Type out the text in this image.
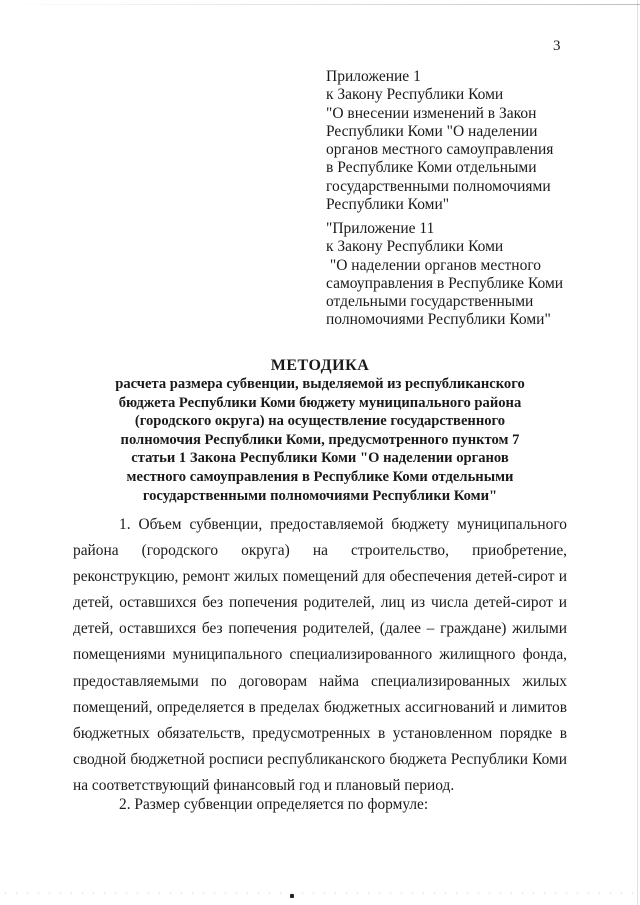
3
Приложение 1
к Закону Республики Коми
"О внесении изменений в Закон
Республики Коми "О наделении
органов местного самоуправления
в Республике Коми отдельными
государственными полномочиями
Республики Коми"
"Приложение 11
к Закону Республики Коми
"О наделении органов местного
самоуправления в Республике Коми
отдельными государственными
полномочиями Республики Коми"
МЕТОДИКА
расчета размера субвенции, выделяемой из республиканского
бюджета Республики Коми бюджету муниципального района
(городского округа) на осуществление государственного
полномочия Республики Коми, предусмотренного пунктом 7
статьи 1 Закона Республики Коми "О наделении органов
местного самоуправления в Республике Коми отдельными
государственными полномочиями Республики Коми"
1. Объем субвенции, предоставляемой бюджету муниципального
района (городского округа) на строительство, приобретение,
реконструкцию, ремонт жилых помещений для обеспечения детей-сирот и
детей, оставшихся без попечения родителей, лиц из числа детей-сирот и
детей, оставшихся без попечения родителей, (далее – граждане) жилыми
помещениями муниципального специализированного жилищного фонда,
предоставляемыми по договорам найма специализированных жилых
помещений, определяется в пределах бюджетных ассигнований и лимитов
бюджетных обязательств, предусмотренных в установленном порядке в
сводной бюджетной росписи республиканского бюджета Республики Коми
на соответствующий финансовый год и плановый период.
2. Размер субвенции определяется по формуле:
